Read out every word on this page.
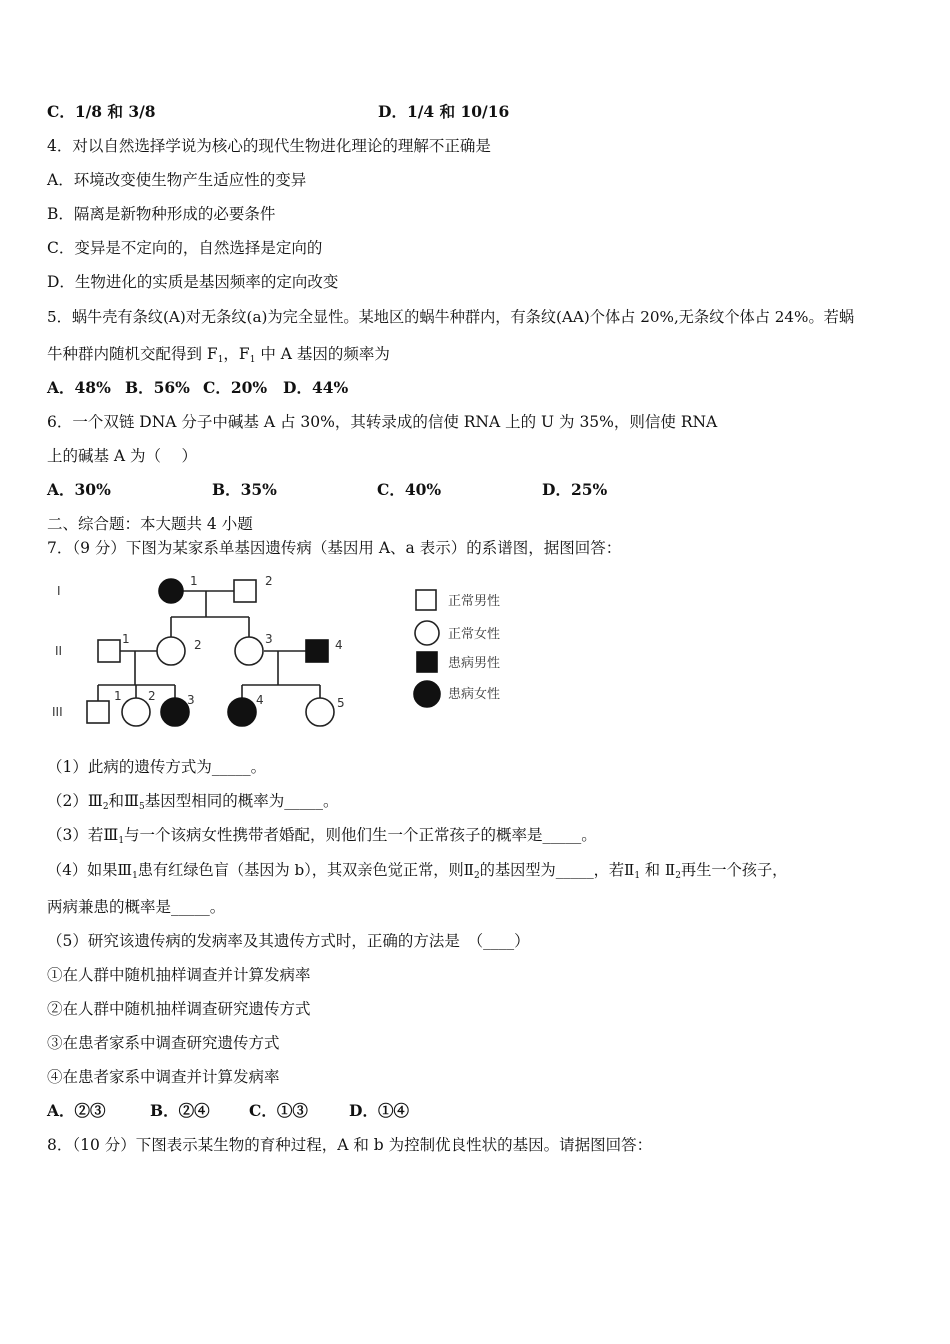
C．1/8 和 3/8	D．1/4 和 10/16
4．对以自然选择学说为核心的现代生物进化理论的理解不正确是
A．环境改变使生物产生适应性的变异
B．隔离是新物种形成的必要条件
C．变异是不定向的，自然选择是定向的
D．生物进化的实质是基因频率的定向改变
5．蜗牛壳有条纹(A)对无条纹(a)为完全显性。某地区的蜗牛种群内，有条纹(AA)个体占 20%,无条纹个体占 24%。若蜗
牛种群内随机交配得到 $F_1$，$F_1$ 中 A 基因的频率为
A．48% B．56% C．20% D．44%
6．一个双链 DNA 分子中碱基 A 占 30%，其转录成的信使 RNA 上的 U 为 35%，则信使 RNA
上的碱基 A 为（　 ）
A．30%	B．35%	C．40%	D．25%
二、综合题：本大题共 4 小题
7．（9 分）下图为某家系单基因遗传病（基因用 A、a 表示）的系谱图，据图回答：
I
II
III
1	2
1	2	3	4
1 2	3	4	5
正常男性
正常女性
患病男性
患病女性
（1）此病的遗传方式为_____。
$(2)Ⅲ_2$和$Ⅲ_5$基因型相同的概率为_____。
（3）若$Ⅲ_1$与一个该病女性携带者婚配，则他们生一个正常孩子的概率是_____。
（4）如果$Ⅲ_1$患有红绿色盲（基因为 b），其双亲色觉正常，则$Ⅱ_2$的基因型为_____，若$Ⅱ_1$ 和 $Ⅱ_2$再生一个孩子，
两病兼患的概率是_____。
（5）研究该遗传病的发病率及其遗传方式时，正确的方法是　（____）
①在人群中随机抽样调查并计算发病率
②在人群中随机抽样调查研究遗传方式
③在患者家系中调查研究遗传方式
④在患者家系中调查并计算发病率
A．②③	B．②④	C．①③	D．①④
8．（10 分）下图表示某生物的育种过程，A 和 b 为控制优良性状的基因。请据图回答：
